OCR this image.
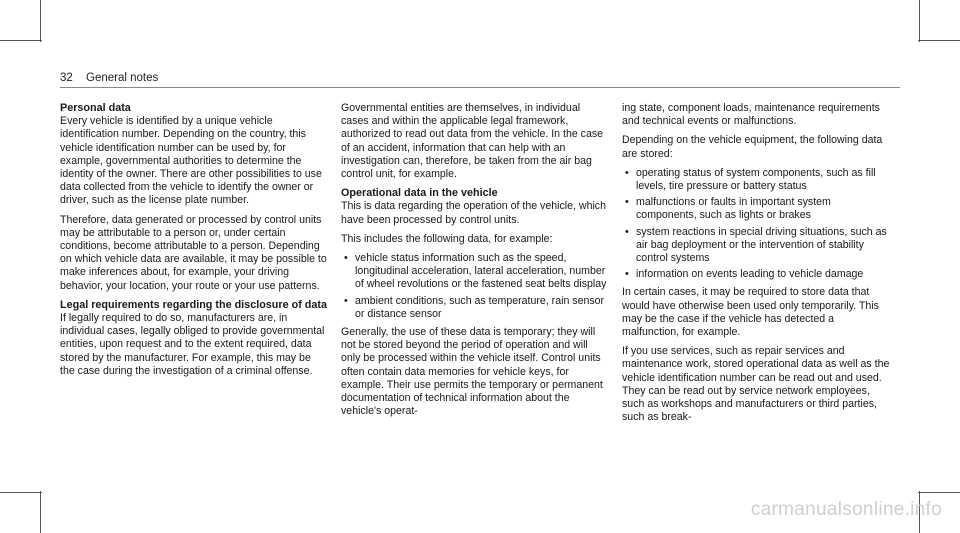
32 General notes
Personal data

Every vehicle is identified by a unique vehicle identification number. Depending on the country, this vehicle identification number can be used by, for example, governmental authorities to determine the identity of the owner. There are other possibilities to use data collected from the vehicle to identify the owner or driver, such as the license plate number.

Therefore, data generated or processed by control units may be attributable to a person or, under certain conditions, become attributable to a person. Depending on which vehicle data are available, it may be possible to make inferences about, for example, your driving behavior, your location, your route or your use patterns.

Legal requirements regarding the disclosure of data

If legally required to do so, manufacturers are, in individual cases, legally obliged to provide governmental entities, upon request and to the extent required, data stored by the manufacturer. For example, this may be the case during the investigation of a criminal offense.

Governmental entities are themselves, in individual cases and within the applicable legal framework, authorized to read out data from the vehicle. In the case of an accident, information that can help with an investigation can, therefore, be taken from the air bag control unit, for example.

Operational data in the vehicle

This is data regarding the operation of the vehicle, which have been processed by control units.

This includes the following data, for example:

• vehicle status information such as the speed, longitudinal acceleration, lateral acceleration, number of wheel revolutions or the fastened seat belts display
• ambient conditions, such as temperature, rain sensor or distance sensor

Generally, the use of these data is temporary; they will not be stored beyond the period of operation and will only be processed within the vehicle itself. Control units often contain data memories for vehicle keys, for example. Their use permits the temporary or permanent documentation of technical information about the vehicle's operat-

ing state, component loads, maintenance requirements and technical events or malfunctions.

Depending on the vehicle equipment, the following data are stored:

• operating status of system components, such as fill levels, tire pressure or battery status
• malfunctions or faults in important system components, such as lights or brakes
• system reactions in special driving situations, such as air bag deployment or the intervention of stability control systems
• information on events leading to vehicle damage

In certain cases, it may be required to store data that would have otherwise been used only temporarily. This may be the case if the vehicle has detected a malfunction, for example.

If you use services, such as repair services and maintenance work, stored operational data as well as the vehicle identification number can be read out and used. They can be read out by service network employees, such as workshops and manufacturers or third parties, such as break-

carmanualsonline.info
